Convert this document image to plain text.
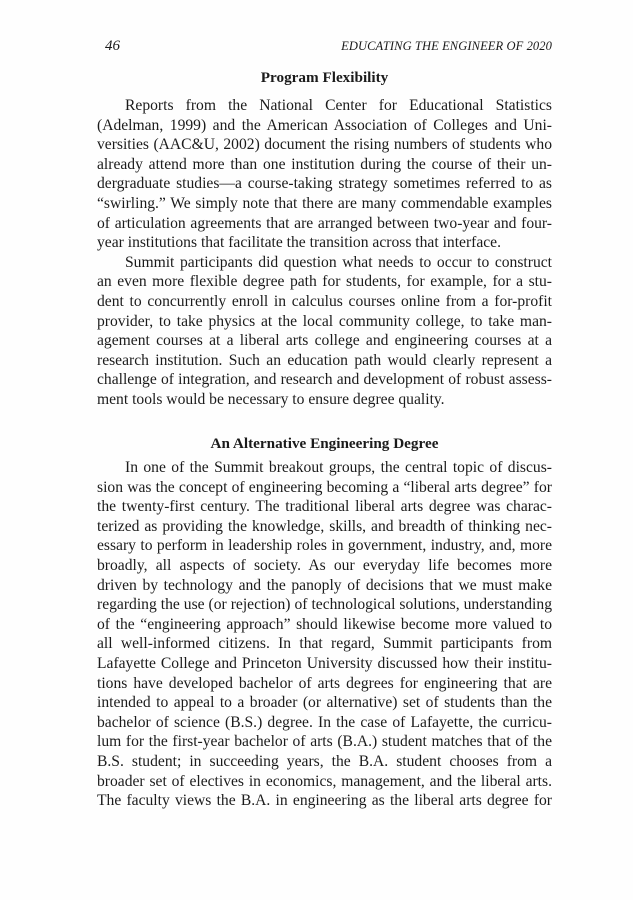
46	EDUCATING THE ENGINEER OF 2020
Program Flexibility

Reports from the National Center for Educational Statistics (Adelman, 1999) and the American Association of Colleges and Universities (AAC&U, 2002) document the rising numbers of students who already attend more than one institution during the course of their undergraduate studies—a course-taking strategy sometimes referred to as “swirling.” We simply note that there are many commendable examples of articulation agreements that are arranged between two-year and four-year institutions that facilitate the transition across that interface.

Summit participants did question what needs to occur to construct an even more flexible degree path for students, for example, for a student to concurrently enroll in calculus courses online from a for-profit provider, to take physics at the local community college, to take management courses at a liberal arts college and engineering courses at a research institution. Such an education path would clearly represent a challenge of integration, and research and development of robust assessment tools would be necessary to ensure degree quality.

An Alternative Engineering Degree

In one of the Summit breakout groups, the central topic of discussion was the concept of engineering becoming a “liberal arts degree” for the twenty-first century. The traditional liberal arts degree was characterized as providing the knowledge, skills, and breadth of thinking necessary to perform in leadership roles in government, industry, and, more broadly, all aspects of society. As our everyday life becomes more driven by technology and the panoply of decisions that we must make regarding the use (or rejection) of technological solutions, understanding of the “engineering approach” should likewise become more valued to all well-informed citizens. In that regard, Summit participants from Lafayette College and Princeton University discussed how their institutions have developed bachelor of arts degrees for engineering that are intended to appeal to a broader (or alternative) set of students than the bachelor of science (B.S.) degree. In the case of Lafayette, the curriculum for the first-year bachelor of arts (B.A.) student matches that of the B.S. student; in succeeding years, the B.A. student chooses from a broader set of electives in economics, management, and the liberal arts. The faculty views the B.A. in engineering as the liberal arts degree for
